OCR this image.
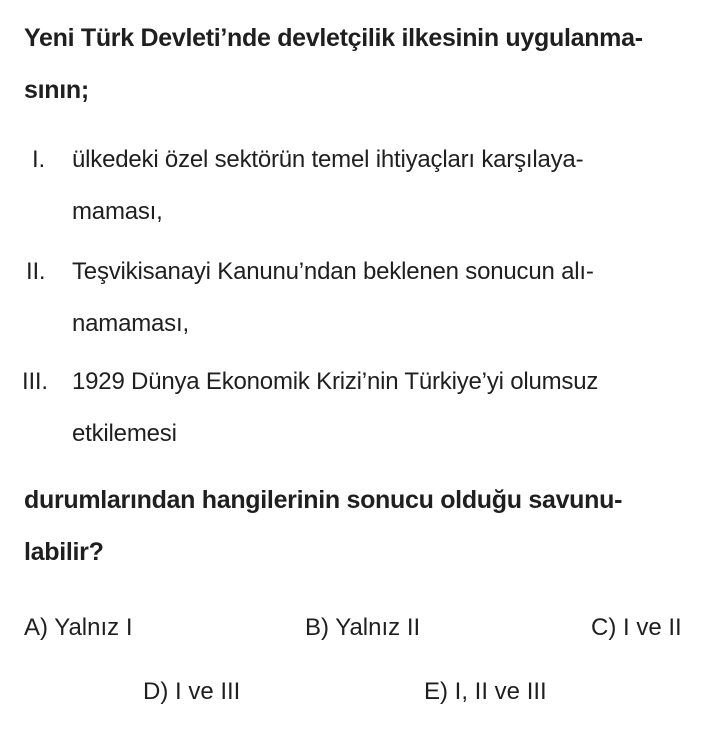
Yeni Türk Devleti’nde devletçilik ilkesinin uygulanma-
sının;
I.	ülkedeki özel sektörün temel ihtiyaçları karşılaya-
maması,
II.	Teşvikisanayi Kanunu’ndan beklenen sonucun alı-
namaması,
III.	1929 Dünya Ekonomik Krizi’nin Türkiye’yi olumsuz
etkilemesi
durumlarından hangilerinin sonucu olduğu savunu-
labilir?
A) Yalnız I	B) Yalnız II	C) I ve II
D) I ve III	E) I, II ve III
